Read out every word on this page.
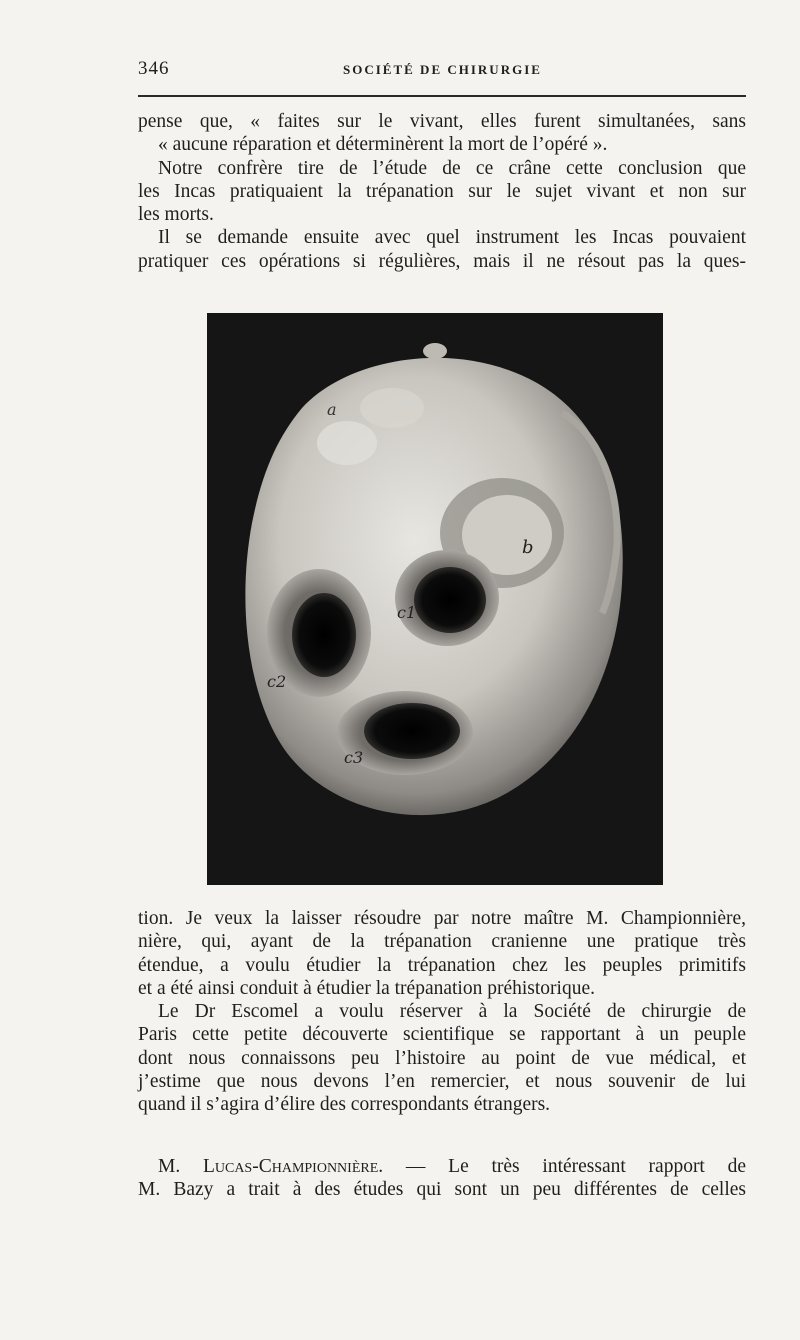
346	SOCIÉTÉ DE CHIRURGIE

pense que, « faites sur le vivant, elles furent simultanées, sans
« aucune réparation et déterminèrent la mort de l’opéré ».

Notre confrère tire de l’étude de ce crâne cette conclusion que
les Incas pratiquaient la trépanation sur le sujet vivant et non sur
les morts.

Il se demande ensuite avec quel instrument les Incas pouvaient
pratiquer ces opérations si régulières, mais il ne résout pas la ques-

a
b
c1
c2
c3

tion. Je veux la laisser résoudre par notre maître M. Championnière,
nière, qui, ayant de la trépanation cranienne une pratique très
étendue, a voulu étudier la trépanation chez les peuples primitifs
et a été ainsi conduit à étudier la trépanation préhistorique.

Le Dr Escomel a voulu réserver à la Société de chirurgie de
Paris cette petite découverte scientifique se rapportant à un peuple
dont nous connaissons peu l’histoire au point de vue médical, et
j’estime que nous devons l’en remercier, et nous souvenir de lui
quand il s’agira d’élire des correspondants étrangers.

M. Lucas-Championnière. — Le très intéressant rapport de
M. Bazy a trait à des études qui sont un peu différentes de celles
